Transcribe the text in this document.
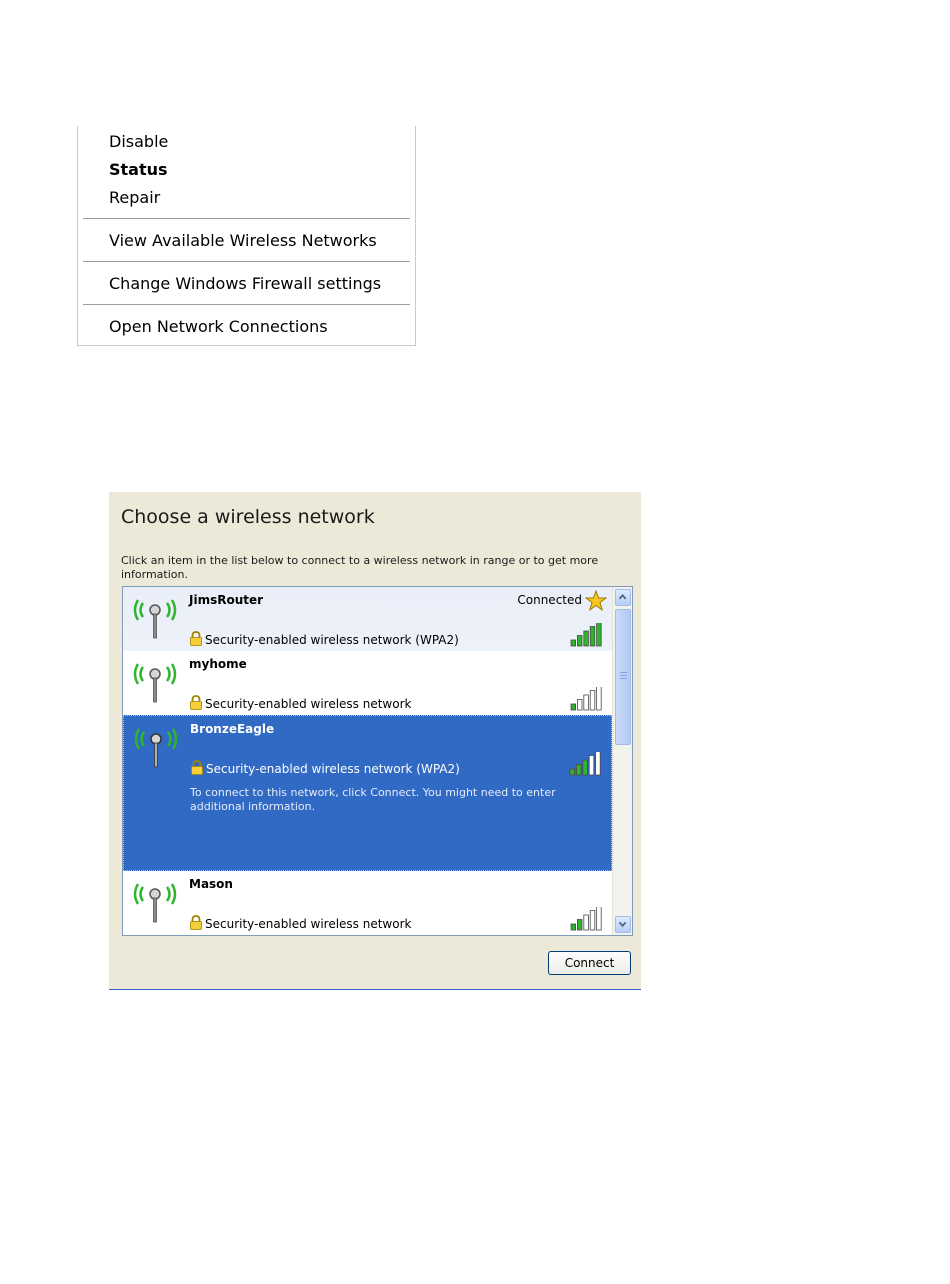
Disable
Status
Repair
View Available Wireless Networks
Change Windows Firewall settings
Open Network Connections
Choose a wireless network
Click an item in the list below to connect to a wireless network in range or to get more information.
JimsRouter	Connected
Security-enabled wireless network (WPA2)
myhome
Security-enabled wireless network
BronzeEagle
Security-enabled wireless network (WPA2)
To connect to this network, click Connect. You might need to enter additional information.
Mason
Security-enabled wireless network
Connect
